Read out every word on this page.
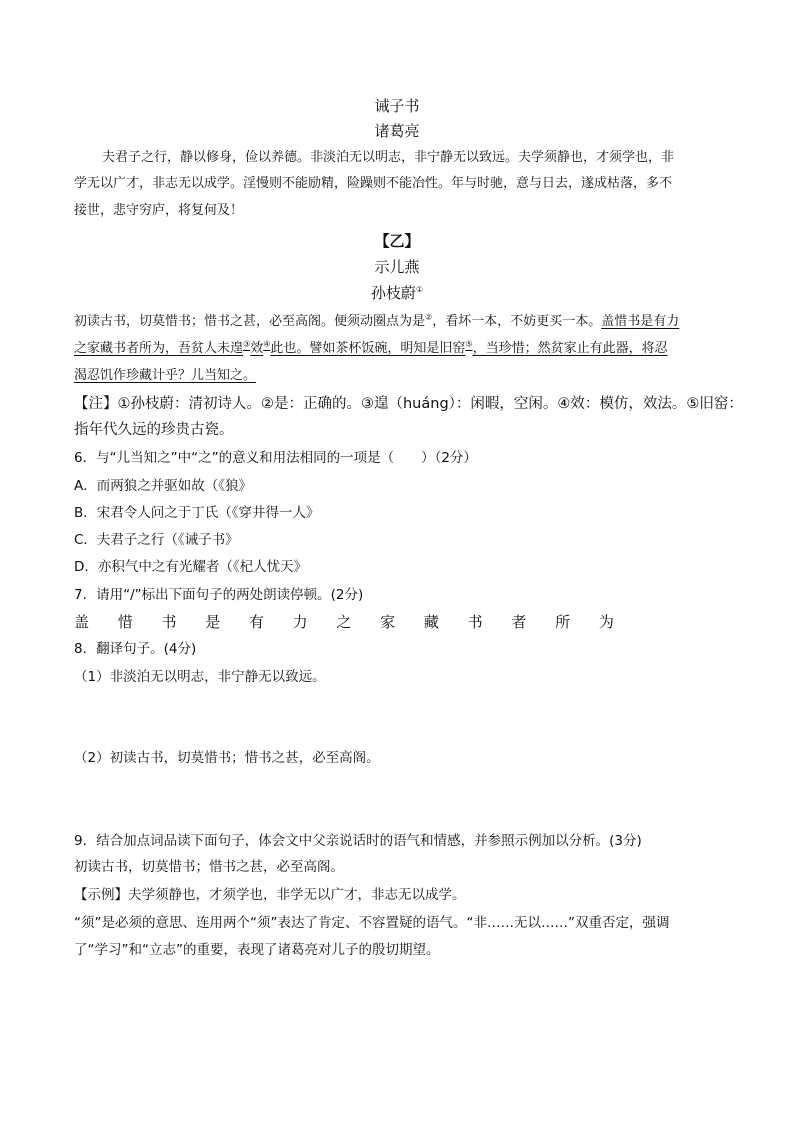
诫子书
诸葛亮
夫君子之行，静以修身，俭以养德。非淡泊无以明志，非宁静无以致远。夫学须静也，才须学也，非
学无以广才，非志无以成学。淫慢则不能励精，险躁则不能冶性。年与时驰，意与日去，遂成枯落，多不
接世，悲守穷庐，将复何及！
【乙】
示儿燕
孙枝蔚①
初读古书，切莫惜书；惜书之甚，必至高阁。便须动圈点为是②，看坏一本，不妨更买一本。盖惜书是有力
之家藏书者所为，吾贫人未遑③效④此也。譬如茶杯饭碗，明知是旧窑⑤，当珍惜；然贫家止有此器，将忍
渴忍饥作珍藏计乎？儿当知之。
【注】①孙枝蔚：清初诗人。②是：正确的。③遑（huáng）：闲暇，空闲。④效：模仿，效法。⑤旧窑：
指年代久远的珍贵古瓷。
6．与“儿当知之”中“之”的意义和用法相同的一项是（　　）（2分）
A．而两狼之并驱如故（《狼》
B．宋君令人问之于丁氏（《穿井得一人》
C．夫君子之行（《诫子书》
D．亦积气中之有光耀者（《杞人忧天》
7．请用“/”标出下面句子的两处朗读停顿。(2分)
盖 惜 书 是 有 力 之 家 藏 书 者 所 为
8．翻译句子。(4分)
（1）非淡泊无以明志，非宁静无以致远。
（2）初读古书，切莫惜书；惜书之甚，必至高阁。
9．结合加点词品读下面句子，体会文中父亲说话时的语气和情感，并参照示例加以分析。(3分)
初读古书，切莫惜书；惜书之甚，必至高阁。
【示例】夫学须静也，才须学也，非学无以广才，非志无以成学。
“须”是必须的意思、连用两个“须”表达了肯定、不容置疑的语气。“非……无以……”双重否定，强调
了“学习”和“立志”的重要，表现了诸葛亮对儿子的殷切期望。
